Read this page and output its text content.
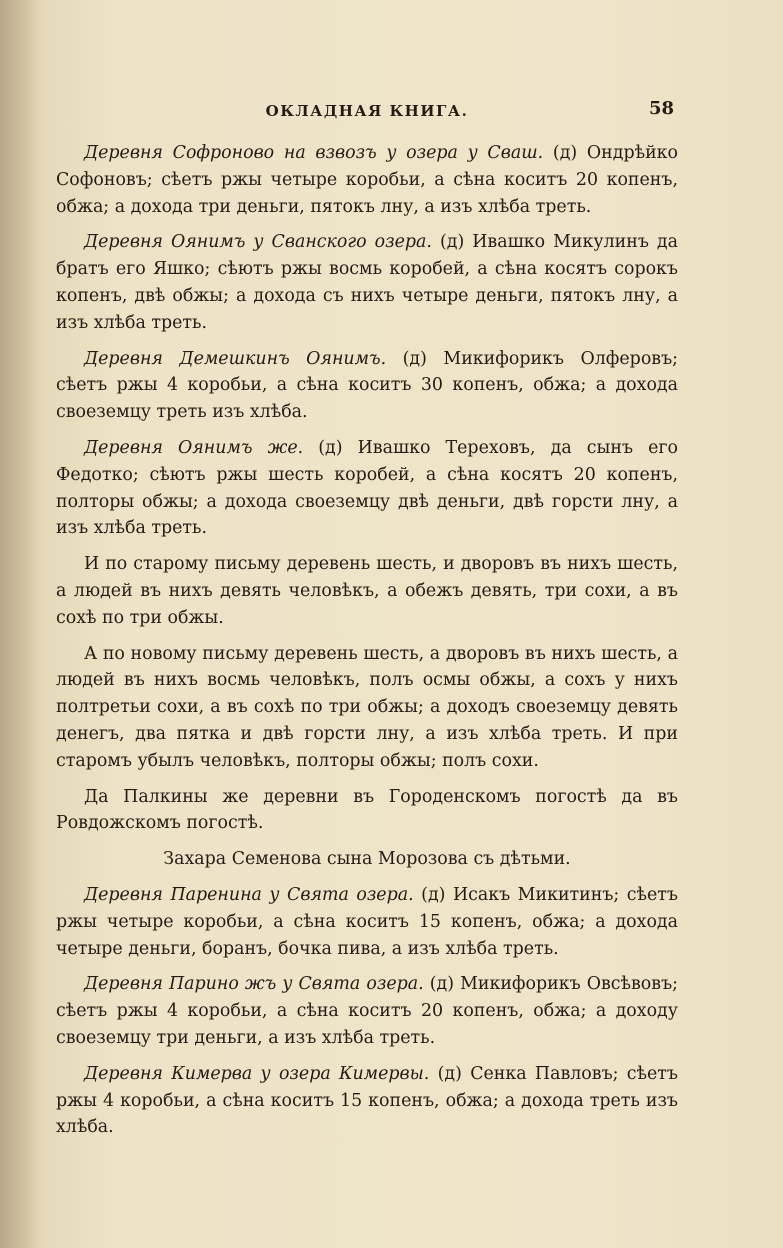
ОКЛАДНАЯ КНИГА.	58

Деревня Софроново на взвозъ у озера у Сваш. (д) Ондрѣйко Софоновъ; сѣетъ ржы четыре коробьи, а сѣна коситъ 20 копенъ, обжа; а дохода три деньги, пятокъ лну, а изъ хлѣба треть.

Деревня Оянимъ у Сванского озера. (д) Ивашко Микулинъ да братъ его Яшко; сѣютъ ржы восмь коробей, а сѣна косятъ сорокъ копенъ, двѣ обжы; а дохода съ нихъ четыре деньги, пятокъ лну, а изъ хлѣба треть.

Деревня Демешкинъ Оянимъ. (д) Микифорикъ Олферовъ; сѣетъ ржы 4 коробьи, а сѣна коситъ 30 копенъ, обжа; а дохода своеземцу треть изъ хлѣба.

Деревня Оянимъ же. (д) Ивашко Тереховъ, да сынъ его Федотко; сѣютъ ржы шесть коробей, а сѣна косятъ 20 копенъ, полторы обжы; а дохода своеземцу двѣ деньги, двѣ горсти лну, а изъ хлѣба треть.

И по старому письму деревень шесть, и дворовъ въ нихъ шесть, а людей въ нихъ девять человѣкъ, а обежъ девять, три сохи, а въ сохѣ по три обжы.

А по новому письму деревень шесть, а дворовъ въ нихъ шесть, а людей въ нихъ восмь человѣкъ, полъ осмы обжы, а сохъ у нихъ полтретьи сохи, а въ сохѣ по три обжы; а доходъ своеземцу девять денегъ, два пятка и двѣ горсти лну, а изъ хлѣба треть. И при старомъ убылъ человѣкъ, полторы обжы; полъ сохи.

Да Палкины же деревни въ Городенскомъ погостѣ да въ Ровдожскомъ погостѣ.

Захара Семенова сына Морозова съ дѣтьми.

Деревня Паренина у Свята озера. (д) Исакъ Микитинъ; сѣетъ ржы четыре коробьи, а сѣна коситъ 15 копенъ, обжа; а дохода четыре деньги, боранъ, бочка пива, а изъ хлѣба треть.

Деревня Парино жъ у Свята озера. (д) Микифорикъ Овсѣвовъ; сѣетъ ржы 4 коробьи, а сѣна коситъ 20 копенъ, обжа; а доходу своеземцу три деньги, а изъ хлѣба треть.

Деревня Кимерва у озера Кимервы. (д) Сенка Павловъ; сѣетъ ржы 4 коробьи, а сѣна коситъ 15 копенъ, обжа; а дохода треть изъ хлѣба.
